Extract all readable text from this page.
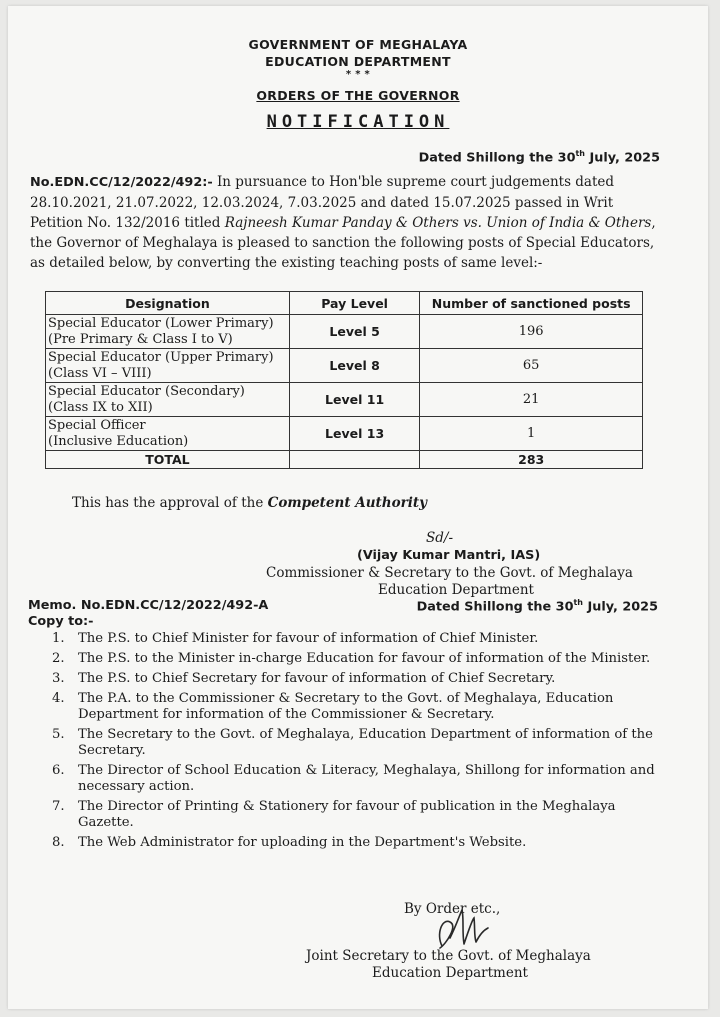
GOVERNMENT OF MEGHALAYA
EDUCATION DEPARTMENT
* * *
ORDERS OF THE GOVERNOR
NOTIFICATION
Dated Shillong the 30th July, 2025
No.EDN.CC/12/2022/492:- In pursuance to Hon'ble supreme court judgements dated
28.10.2021, 21.07.2022, 12.03.2024, 7.03.2025 and dated 15.07.2025 passed in Writ
Petition No. 132/2016 titled Rajneesh Kumar Panday & Others vs. Union of India & Others,
the Governor of Meghalaya is pleased to sanction the following posts of Special Educators,
as detailed below, by converting the existing teaching posts of same level:-
Designation	Pay Level	Number of sanctioned posts

Special Educator (Lower Primary)
(Pre Primary & Class I to V)	Level 5	196

Special Educator (Upper Primary)
(Class VI – VIII)	Level 8	65

Special Educator (Secondary)
(Class IX to XII)	Level 11	21

Special Officer
(Inclusive Education)	Level 13	1
TOTAL		283
This has the approval of the Competent Authority
Sd/-
(Vijay Kumar Mantri, IAS)
Commissioner & Secretary to the Govt. of Meghalaya
Education Department
Memo. No.EDN.CC/12/2022/492-A	Dated Shillong the 30th July, 2025
Copy to:-
1. The P.S. to Chief Minister for favour of information of Chief Minister.
2. The P.S. to the Minister in-charge Education for favour of information of the Minister.
3. The P.S. to Chief Secretary for favour of information of Chief Secretary.
4. The P.A. to the Commissioner & Secretary to the Govt. of Meghalaya, Education Department for information of the Commissioner & Secretary.
5. The Secretary to the Govt. of Meghalaya, Education Department of information of the Secretary.
6. The Director of School Education & Literacy, Meghalaya, Shillong for information and necessary action.
7. The Director of Printing & Stationery for favour of publication in the Meghalaya Gazette.
8. The Web Administrator for uploading in the Department's Website.
By Order etc.,
Joint Secretary to the Govt. of Meghalaya
Education Department
